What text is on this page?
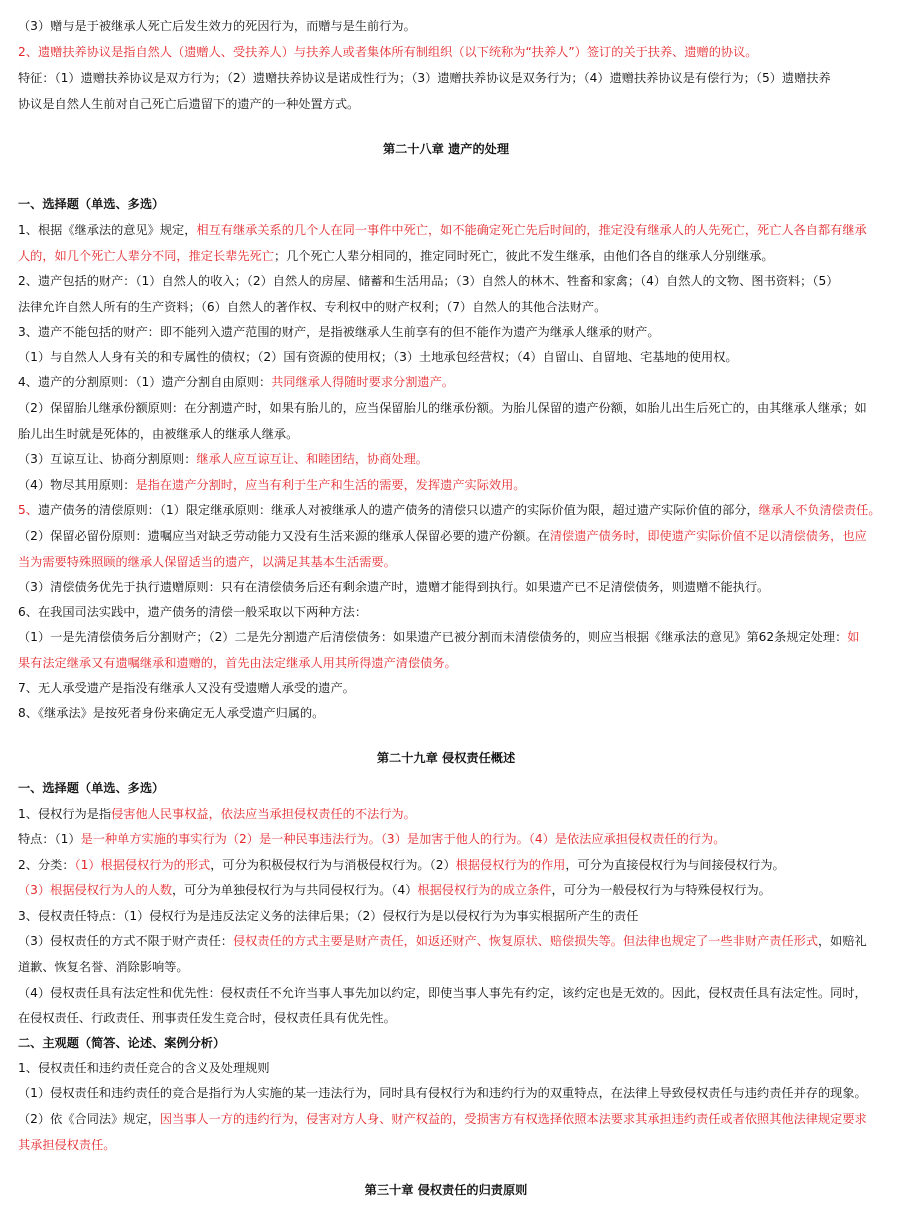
（3）赠与是于被继承人死亡后发生效力的死因行为，而赠与是生前行为。
2、遗赠扶养协议是指自然人（遗赠人、受扶养人）与扶养人或者集体所有制组织（以下统称为“扶养人”）签订的关于扶养、遗赠的协议。
特征：（1）遗赠扶养协议是双方行为；（2）遗赠扶养协议是诺成性行为；（3）遗赠扶养协议是双务行为；（4）遗赠扶养协议是有偿行为；（5）遗赠扶养
协议是自然人生前对自己死亡后遗留下的遗产的一种处置方式。
第二十八章 遗产的处理
一、选择题（单选、多选）
1、根据《继承法的意见》规定，相互有继承关系的几个人在同一事件中死亡，如不能确定死亡先后时间的，推定没有继承人的人先死亡，死亡人各自都有继承
人的，如几个死亡人辈分不同，推定长辈先死亡；几个死亡人辈分相同的，推定同时死亡，彼此不发生继承，由他们各自的继承人分别继承。
2、遗产包括的财产：（1）自然人的收入；（2）自然人的房屋、储蓄和生活用品；（3）自然人的林木、牲畜和家禽；（4）自然人的文物、图书资料；（5）
法律允许自然人所有的生产资料；（6）自然人的著作权、专利权中的财产权利；（7）自然人的其他合法财产。
3、遗产不能包括的财产：即不能列入遗产范围的财产，是指被继承人生前享有的但不能作为遗产为继承人继承的财产。
（1）与自然人人身有关的和专属性的债权；（2）国有资源的使用权；（3）土地承包经营权；（4）自留山、自留地、宅基地的使用权。
4、遗产的分割原则：（1）遗产分割自由原则：共同继承人得随时要求分割遗产。
（2）保留胎儿继承份额原则：在分割遗产时，如果有胎儿的，应当保留胎儿的继承份额。为胎儿保留的遗产份额，如胎儿出生后死亡的，由其继承人继承；如
胎儿出生时就是死体的，由被继承人的继承人继承。
（3）互谅互让、协商分割原则：继承人应互谅互让、和睦团结，协商处理。
（4）物尽其用原则：是指在遗产分割时，应当有利于生产和生活的需要，发挥遗产实际效用。
5、遗产债务的清偿原则：（1）限定继承原则：继承人对被继承人的遗产债务的清偿只以遗产的实际价值为限，超过遗产实际价值的部分，继承人不负清偿责任。
（2）保留必留份原则：遗嘱应当对缺乏劳动能力又没有生活来源的继承人保留必要的遗产份额。在清偿遗产债务时，即使遗产实际价值不足以清偿债务，也应
当为需要特殊照顾的继承人保留适当的遗产，以满足其基本生活需要。
（3）清偿债务优先于执行遗赠原则：只有在清偿债务后还有剩余遗产时，遗赠才能得到执行。如果遗产已不足清偿债务，则遗赠不能执行。
6、在我国司法实践中，遗产债务的清偿一般采取以下两种方法：
（1）一是先清偿债务后分割财产；（2）二是先分割遗产后清偿债务：如果遗产已被分割而未清偿债务的，则应当根据《继承法的意见》第62条规定处理：如
果有法定继承又有遗嘱继承和遗赠的，首先由法定继承人用其所得遗产清偿债务。
7、无人承受遗产是指没有继承人又没有受遗赠人承受的遗产。
8、《继承法》是按死者身份来确定无人承受遗产归属的。
第二十九章 侵权责任概述
一、选择题（单选、多选）
1、侵权行为是指侵害他人民事权益，依法应当承担侵权责任的不法行为。
特点：（1）是一种单方实施的事实行为（2）是一种民事违法行为。（3）是加害于他人的行为。（4）是依法应承担侵权责任的行为。
2、分类：（1）根据侵权行为的形式，可分为积极侵权行为与消极侵权行为。（2）根据侵权行为的作用，可分为直接侵权行为与间接侵权行为。
（3）根据侵权行为人的人数，可分为单独侵权行为与共同侵权行为。（4）根据侵权行为的成立条件，可分为一般侵权行为与特殊侵权行为。
3、侵权责任特点：（1）侵权行为是违反法定义务的法律后果；（2）侵权行为是以侵权行为为事实根据所产生的责任
（3）侵权责任的方式不限于财产责任：侵权责任的方式主要是财产责任，如返还财产、恢复原状、赔偿损失等。但法律也规定了一些非财产责任形式，如赔礼
道歉、恢复名誉、消除影响等。
（4）侵权责任具有法定性和优先性：侵权责任不允许当事人事先加以约定，即使当事人事先有约定，该约定也是无效的。因此，侵权责任具有法定性。同时，
在侵权责任、行政责任、刑事责任发生竞合时，侵权责任具有优先性。
二、主观题（简答、论述、案例分析）
1、侵权责任和违约责任竞合的含义及处理规则
（1）侵权责任和违约责任的竞合是指行为人实施的某一违法行为，同时具有侵权行为和违约行为的双重特点，在法律上导致侵权责任与违约责任并存的现象。
（2）依《合同法》规定，因当事人一方的违约行为，侵害对方人身、财产权益的，受损害方有权选择依照本法要求其承担违约责任或者依照其他法律规定要求
其承担侵权责任。
第三十章 侵权责任的归责原则
